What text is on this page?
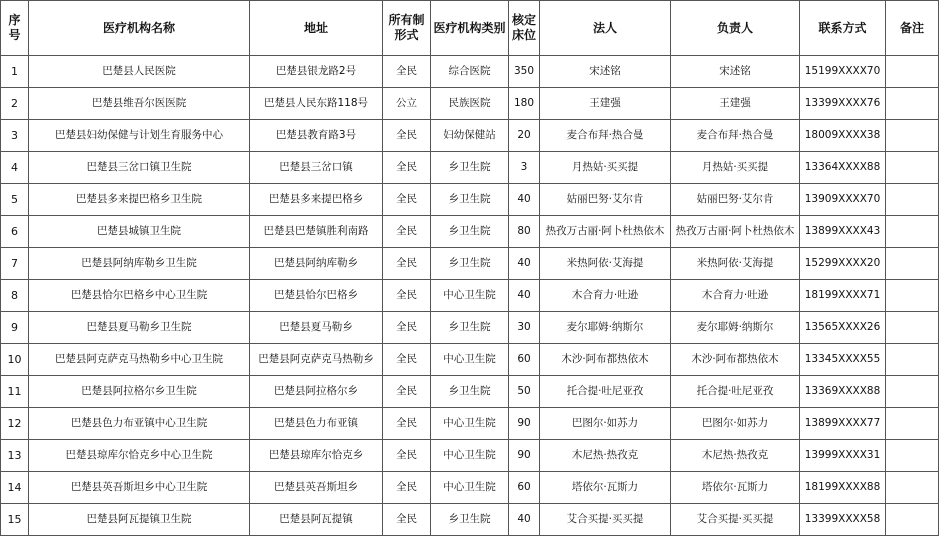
序号	医疗机构名称	地址	所有制形式	医疗机构类别	核定床位	法人	负责人	联系方式	备注
1	巴楚县人民医院	巴楚县银龙路2号	全民	综合医院	350	宋述铭	宋述铭	15199XXXX70	
2	巴楚县维吾尔医医院	巴楚县人民东路118号	公立	民族医院	180	王建强	王建强	13399XXXX76	
3	巴楚县妇幼保健与计划生育服务中心	巴楚县教育路3号	全民	妇幼保健站	20	麦合布拜·热合曼	麦合布拜·热合曼	18009XXXX38	
4	巴楚县三岔口镇卫生院	巴楚县三岔口镇	全民	乡卫生院	3	月热姑·买买提	月热姑·买买提	13364XXXX88	
5	巴楚县多来提巴格乡卫生院	巴楚县多来提巴格乡	全民	乡卫生院	40	姑丽巴努·艾尔肯	姑丽巴努·艾尔肯	13909XXXX70	
6	巴楚县城镇卫生院	巴楚县巴楚镇胜利南路	全民	乡卫生院	80	热孜万古丽·阿卜杜热依木	热孜万古丽·阿卜杜热依木	13899XXXX43	
7	巴楚县阿纳库勒乡卫生院	巴楚县阿纳库勒乡	全民	乡卫生院	40	米热阿依·艾海提	米热阿依·艾海提	15299XXXX20	
8	巴楚县恰尔巴格乡中心卫生院	巴楚县恰尔巴格乡	全民	中心卫生院	40	木合育力·吐逊	木合育力·吐逊	18199XXXX71	
9	巴楚县夏马勒乡卫生院	巴楚县夏马勒乡	全民	乡卫生院	30	麦尔耶姆·纳斯尔	麦尔耶姆·纳斯尔	13565XXXX26	
10	巴楚县阿克萨克马热勒乡中心卫生院	巴楚县阿克萨克马热勒乡	全民	中心卫生院	60	木沙·阿布都热依木	木沙·阿布都热依木	13345XXXX55	
11	巴楚县阿拉格尔乡卫生院	巴楚县阿拉格尔乡	全民	乡卫生院	50	托合提·吐尼亚孜	托合提·吐尼亚孜	13369XXXX88	
12	巴楚县色力布亚镇中心卫生院	巴楚县色力布亚镇	全民	中心卫生院	90	巴图尔·如苏力	巴图尔·如苏力	13899XXXX77	
13	巴楚县琼库尔恰克乡中心卫生院	巴楚县琼库尔恰克乡	全民	中心卫生院	90	木尼热·热孜克	木尼热·热孜克	13999XXXX31	
14	巴楚县英吾斯坦乡中心卫生院	巴楚县英吾斯坦乡	全民	中心卫生院	60	塔依尔·瓦斯力	塔依尔·瓦斯力	18199XXXX88	
15	巴楚县阿瓦提镇卫生院	巴楚县阿瓦提镇	全民	乡卫生院	40	艾合买提·买买提	艾合买提·买买提	13399XXXX58	
